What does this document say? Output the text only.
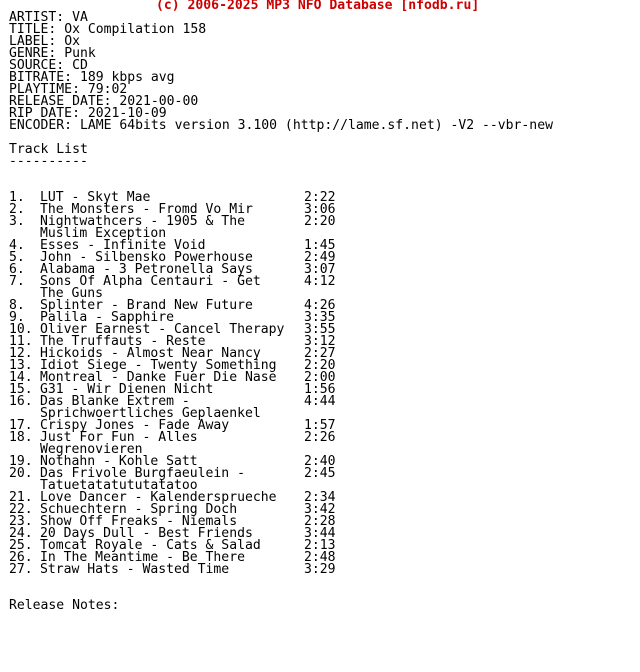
(c) 2006-2025 MP3 NFO Database [nfodb.ru]
ARTIST: VA
TITLE: Ox Compilation 158
LABEL: Ox
GENRE: Punk
SOURCE: CD
BITRATE: 189 kbps avg
PLAYTIME: 79:02
RELEASE DATE: 2021-00-00
RIP DATE: 2021-10-09
ENCODER: LAME 64bits version 3.100 (http://lame.sf.net) -V2 --vbr-new
Track List
----------
1. LUT - Skyt Mae	2:22
2. The Monsters - Fromd Vo Mir	3:06
3. Nightwathcers - 1905 & The	2:20
Muslim Exception
4. Esses - Infinite Void	1:45
5. John - Silbensko Powerhouse	2:49
6. Alabama - 3 Petronella Says	3:07
7. Sons Of Alpha Centauri - Get	4:12
The Guns
8. Splinter - Brand New Future	4:26
9. Palila - Sapphire	3:35
10. Oliver Earnest - Cancel Therapy	3:55
11. The Truffauts - Reste	3:12
12. Hickoids - Almost Near Nancy	2:27
13. Idiot Siege - Twenty Something	2:20
14. Montreal - Danke Fuer Die Nase	2:00
15. G31 - Wir Dienen Nicht	1:56
16. Das Blanke Extrem -	4:44
Sprichwoertliches Geplaenkel
17. Crispy Jones - Fade Away	1:57
18. Just For Fun - Alles	2:26
Wegrenovieren
19. Nothahn - Kohle Satt	2:40
20. Das Frivole Burgfaeulein -	2:45
Tatuetatatututatatoo
21. Love Dancer - Kalendersprueche	2:34
22. Schuechtern - Spring Doch	3:42
23. Show Off Freaks - Niemals	2:28
24. 20 Days Dull - Best Friends	3:44
25. Tomcat Royale - Cats & Salad	2:13
26. In The Meantime - Be There	2:48
27. Straw Hats - Wasted Time	3:29
Release Notes:
